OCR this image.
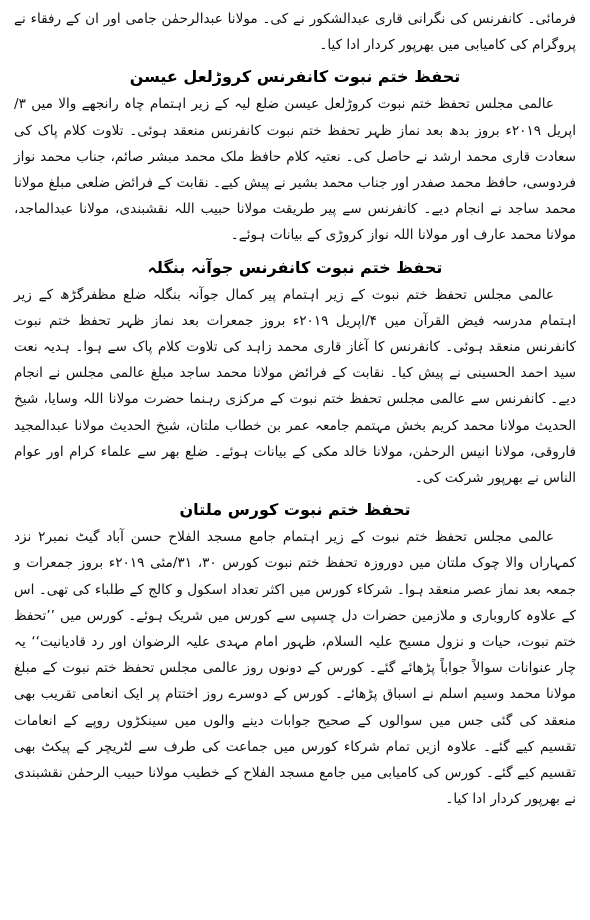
فرمائی۔ کانفرنس کی نگرانی قاری عبدالشکور نے کی۔ مولانا عبدالرحمٰن جامی اور ان کے رفقاء نے پروگرام کی کامیابی میں بھرپور کردار ادا کیا۔

تحفظ ختم نبوت کانفرنس کروڑلعل عیسن

عالمی مجلس تحفظ ختم نبوت کروڑلعل عیسن ضلع لیہ کے زیر اہتمام چاہ رانجھے والا میں ۳/اپریل ۲۰۱۹ء بروز بدھ بعد نماز ظہر تحفظ ختم نبوت کانفرنس منعقد ہوئی۔ تلاوت کلام پاک کی سعادت قاری محمد ارشد نے حاصل کی۔ نعتیہ کلام حافظ ملک محمد مبشر صائم، جناب محمد نواز فردوسی، حافظ محمد صفدر اور جناب محمد بشیر نے پیش کیے۔ نقابت کے فرائض ضلعی مبلغ مولانا محمد ساجد نے انجام دیے۔ کانفرنس سے پیر طریقت مولانا حبیب اللہ نقشبندی، مولانا عبدالماجد، مولانا محمد عارف اور مولانا اللہ نواز کروڑی کے بیانات ہوئے۔

تحفظ ختم نبوت کانفرنس جوآنہ بنگلہ

عالمی مجلس تحفظ ختم نبوت کے زیر اہتمام پیر کمال جوآنہ بنگلہ ضلع مظفرگڑھ کے زیر اہتمام مدرسہ فیض القرآن میں ۴/اپریل ۲۰۱۹ء بروز جمعرات بعد نماز ظہر تحفظ ختم نبوت کانفرنس منعقد ہوئی۔ کانفرنس کا آغاز قاری محمد زاہد کی تلاوت کلام پاک سے ہوا۔ ہدیہ نعت سید احمد الحسینی نے پیش کیا۔ نقابت کے فرائض مولانا محمد ساجد مبلغ عالمی مجلس نے انجام دیے۔ کانفرنس سے عالمی مجلس تحفظ ختم نبوت کے مرکزی رہنما حضرت مولانا اللہ وسایا، شیخ الحدیث مولانا محمد کریم بخش مہتمم جامعہ عمر بن خطاب ملتان، شیخ الحدیث مولانا عبدالمجید فاروقی، مولانا انیس الرحمٰن، مولانا خالد مکی کے بیانات ہوئے۔ ضلع بھر سے علماء کرام اور عوام الناس نے بھرپور شرکت کی۔

تحفظ ختم نبوت کورس ملتان

عالمی مجلس تحفظ ختم نبوت کے زیر اہتمام جامع مسجد الفلاح حسن آباد گیٹ نمبر۲ نزد کمہاراں والا چوک ملتان میں دوروزہ تحفظ ختم نبوت کورس ۳۰، ۳۱/مئی ۲۰۱۹ء بروز جمعرات و جمعہ بعد نماز عصر منعقد ہوا۔ شرکاء کورس میں اکثر تعداد اسکول و کالج کے طلباء کی تھی۔ اس کے علاوہ کاروباری و ملازمین حضرات دل چسپی سے کورس میں شریک ہوئے۔ کورس میں ’’تحفظ ختم نبوت، حیات و نزول مسیح علیہ السلام، ظہور امام مہدی علیہ الرضوان اور رد قادیانیت‘‘ یہ چار عنوانات سوالاً جواباً پڑھائے گئے۔ کورس کے دونوں روز عالمی مجلس تحفظ ختم نبوت کے مبلغ مولانا محمد وسیم اسلم نے اسباق پڑھائے۔ کورس کے دوسرے روز اختتام پر ایک انعامی تقریب بھی منعقد کی گئی جس میں سوالوں کے صحیح جوابات دینے والوں میں سینکڑوں روپے کے انعامات تقسیم کیے گئے۔ علاوہ ازیں تمام شرکاء کورس میں جماعت کی طرف سے لٹریچر کے پیکٹ بھی تقسیم کیے گئے۔ کورس کی کامیابی میں جامع مسجد الفلاح کے خطیب مولانا حبیب الرحمٰن نقشبندی نے بھرپور کردار ادا کیا۔
